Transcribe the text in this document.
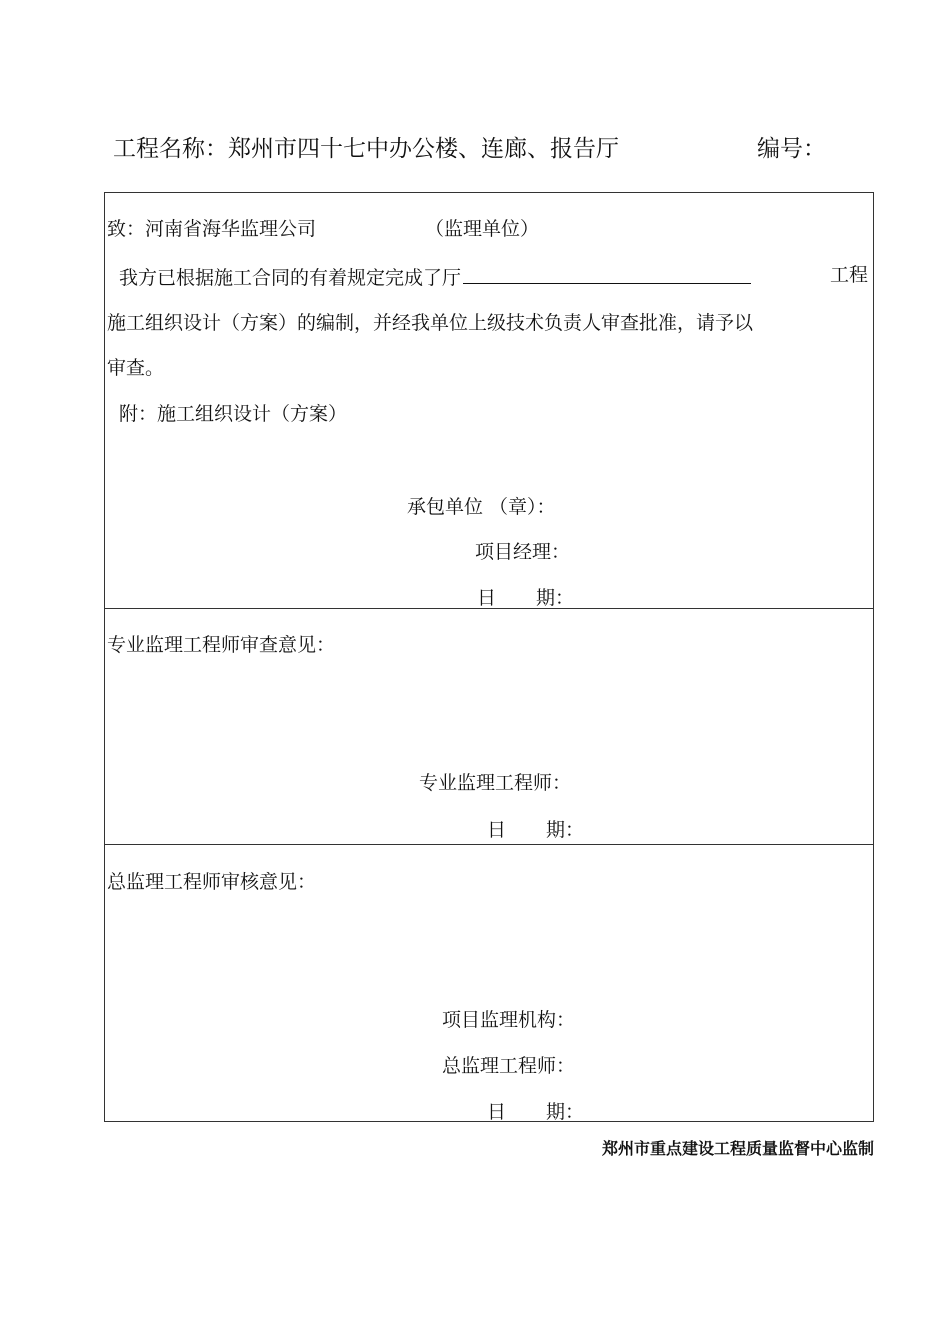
工程名称：郑州市四十七中办公楼、连廊、报告厅	编号：
致：河南省海华监理公司	（监理单位）
我方已根据施工合同的有着规定完成了厅	工程
施工组织设计（方案）的编制，并经我单位上级技术负责人审查批准，请予以
审查。
附：施工组织设计（方案）
承包单位 （章）：
项目经理：
日 期：
专业监理工程师审查意见：
专业监理工程师：
日 期：
总监理工程师审核意见：
项目监理机构：
总监理工程师：
日 期：
郑州市重点建设工程质量监督中心监制
